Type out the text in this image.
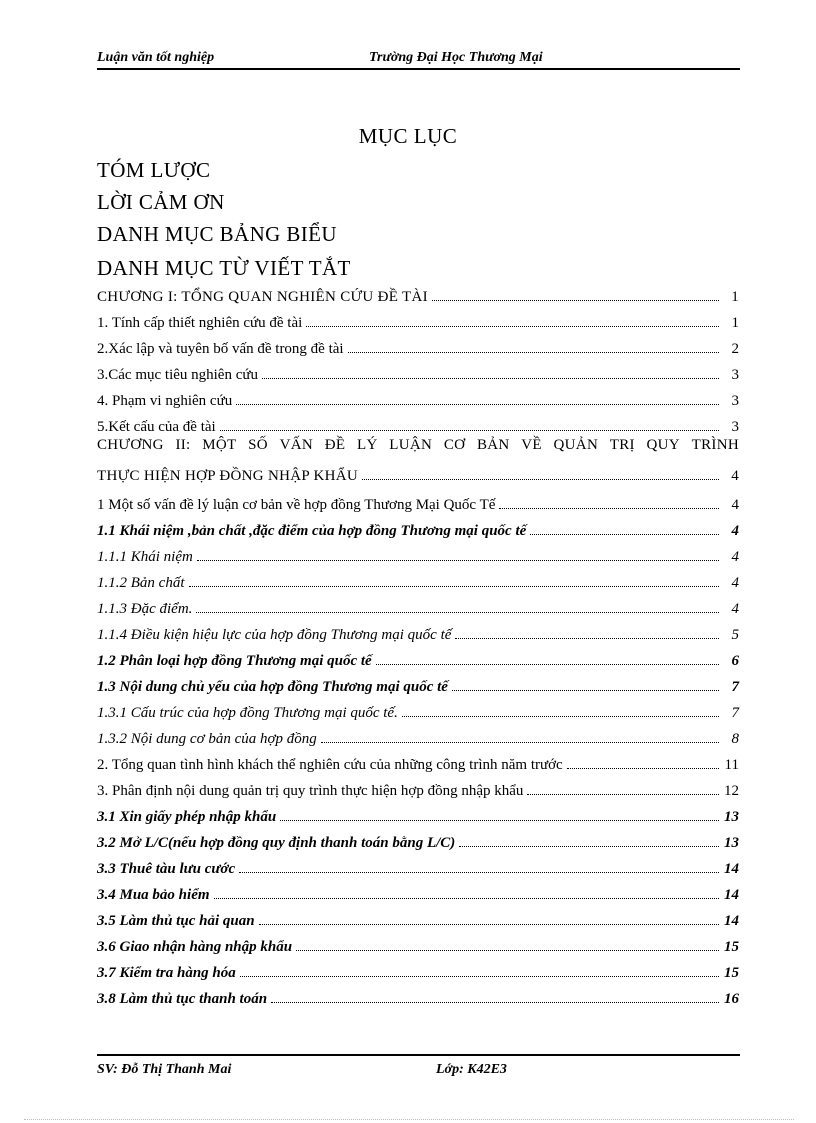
Luận văn tốt nghiệp	Trường Đại Học Thương Mại
MỤC LỤC
TÓM LƯỢC
LỜI CẢM ƠN
DANH MỤC BẢNG BIỂU
DANH MỤC TỪ VIẾT TẮT
CHƯƠNG I: TỔNG QUAN NGHIÊN CỨU ĐỀ TÀI	1
1. Tính cấp thiết nghiên cứu đề tài	1
2.Xác lập và tuyên bố vấn đề trong đề tài	2
3.Các mục tiêu nghiên cứu	3
4. Phạm vi nghiên cứu	3
5.Kết cấu của đề tài	3
CHƯƠNG II: MỘT SỐ VẤN ĐỀ LÝ LUẬN CƠ BẢN VỀ QUẢN TRỊ QUY TRÌNH
THỰC HIỆN HỢP ĐỒNG NHẬP KHẨU	4
1 Một số vấn đề lý luận cơ bản về hợp đồng Thương Mại Quốc Tế	4
1.1 Khái niệm ,bản chất ,đặc điểm của hợp đồng Thương mại quốc tế	4
1.1.1 Khái niệm	4
1.1.2 Bản chất	4
1.1.3 Đặc điểm.	4
1.1.4 Điều kiện hiệu lực của hợp đồng Thương mại quốc tế	5
1.2 Phân loại hợp đồng Thương mại quốc tế	6
1.3 Nội dung chủ yếu của hợp đồng Thương mại quốc tế	7
1.3.1 Cấu trúc của hợp đồng Thương mại quốc tế.	7
1.3.2 Nội dung cơ bản của hợp đồng	8
2. Tổng quan tình hình khách thể nghiên cứu của những công trình năm trước	11
3. Phân định nội dung quản trị quy trình thực hiện hợp đồng nhập khẩu	12
3.1 Xin giấy phép nhập khẩu	13
3.2 Mở L/C(nếu hợp đồng quy định thanh toán bằng L/C)	13
3.3 Thuê tàu lưu cước	14
3.4 Mua bảo hiểm	14
3.5 Làm thủ tục hải quan	14
3.6 Giao nhận hàng nhập khẩu	15
3.7 Kiểm tra hàng hóa	15
3.8 Làm thủ tục thanh toán	16
SV: Đỗ Thị Thanh Mai	Lớp: K42E3
